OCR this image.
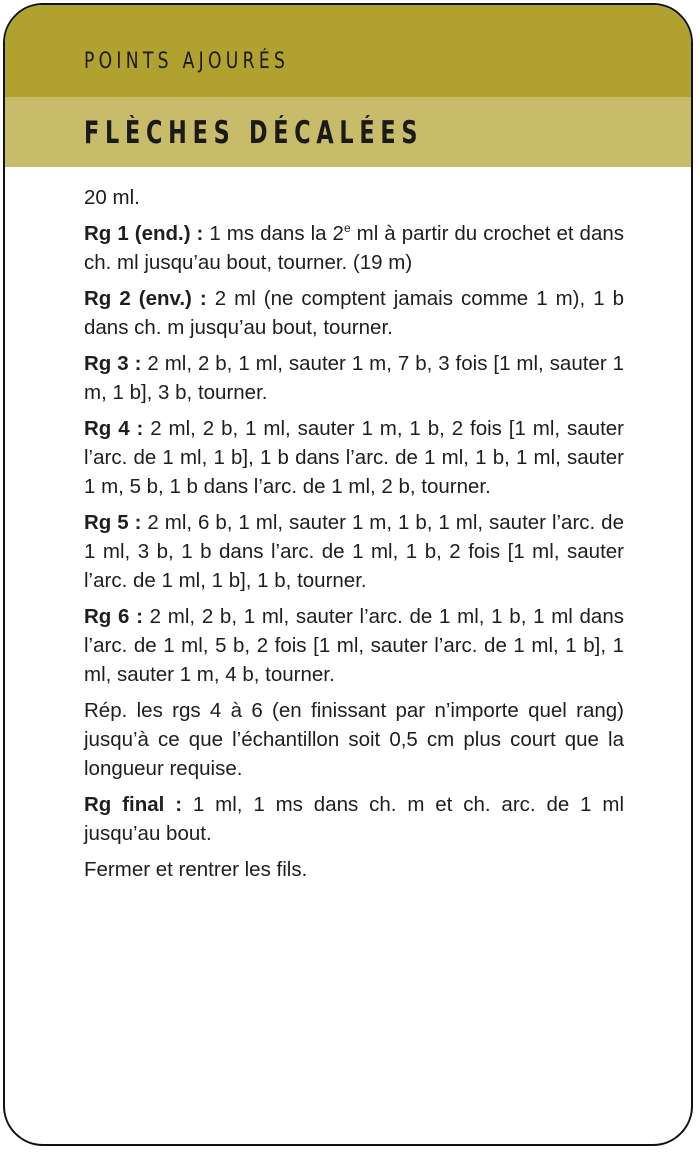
POINTS AJOURÉS
FLÈCHES DÉCALÉES

20 ml.

Rg 1 (end.) : 1 ms dans la 2e ml à partir du crochet et dans ch. ml jusqu’au bout, tourner. (19 m)

Rg 2 (env.) : 2 ml (ne comptent jamais comme 1 m), 1 b dans ch. m jusqu’au bout, tourner.

Rg 3 : 2 ml, 2 b, 1 ml, sauter 1 m, 7 b, 3 fois [1 ml, sauter 1 m, 1 b], 3 b, tourner.

Rg 4 : 2 ml, 2 b, 1 ml, sauter 1 m, 1 b, 2 fois [1 ml, sauter l’arc. de 1 ml, 1 b], 1 b dans l’arc. de 1 ml, 1 b, 1 ml, sauter 1 m, 5 b, 1 b dans l’arc. de 1 ml, 2 b, tourner.

Rg 5 : 2 ml, 6 b, 1 ml, sauter 1 m, 1 b, 1 ml, sauter l’arc. de 1 ml, 3 b, 1 b dans l’arc. de 1 ml, 1 b, 2 fois [1 ml, sauter l’arc. de 1 ml, 1 b], 1 b, tourner.

Rg 6 : 2 ml, 2 b, 1 ml, sauter l’arc. de 1 ml, 1 b, 1 ml dans l’arc. de 1 ml, 5 b, 2 fois [1 ml, sauter l’arc. de 1 ml, 1 b], 1 ml, sauter 1 m, 4 b, tourner.

Rép. les rgs 4 à 6 (en finissant par n’importe quel rang) jusqu’à ce que l’échantillon soit 0,5 cm plus court que la longueur requise.

Rg final : 1 ml, 1 ms dans ch. m et ch. arc. de 1 ml jusqu’au bout.

Fermer et rentrer les fils.
